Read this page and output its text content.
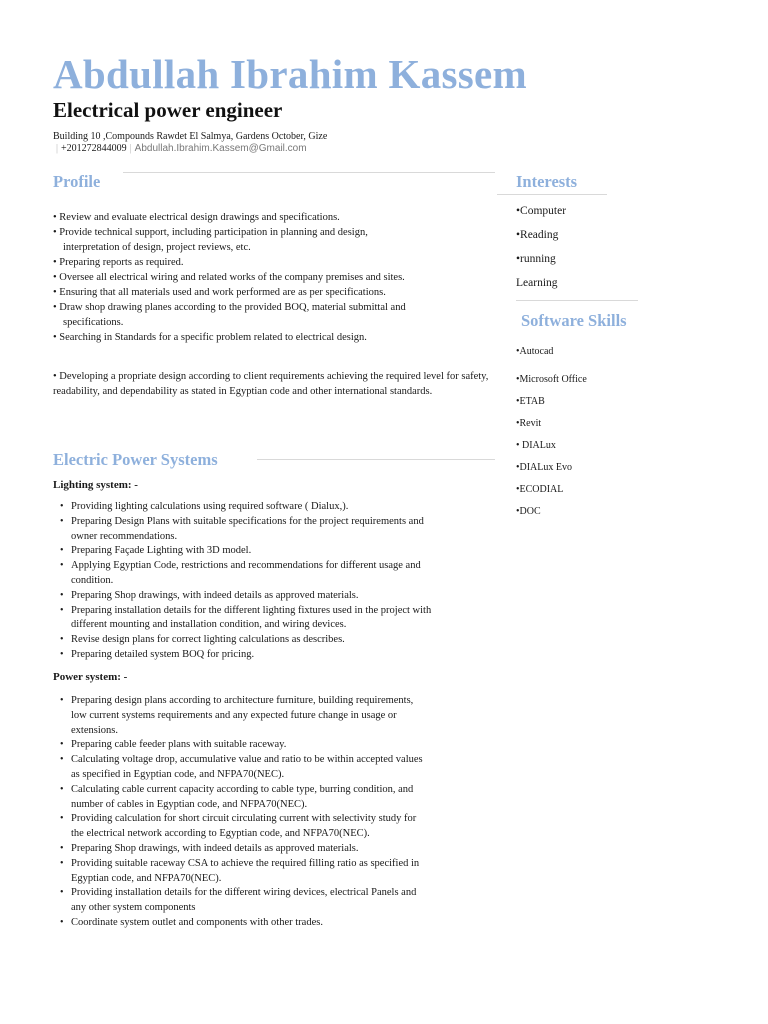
Abdullah Ibrahim Kassem
Electrical power engineer
Building 10 ,Compounds Rawdet El Salmya, Gardens October, Gize
| +201272844009 | Abdullah.Ibrahim.Kassem@Gmail.com
Profile
• Review and evaluate electrical design drawings and specifications.
• Provide technical support, including participation in planning and design,
interpretation of design, project reviews, etc.
• Preparing reports as required.
• Oversee all electrical wiring and related works of the company premises and sites.
• Ensuring that all materials used and work performed are as per specifications.
• Draw shop drawing planes according to the provided BOQ, material submittal and
specifications.
• Searching in Standards for a specific problem related to electrical design.

• Developing a propriate design according to client requirements achieving the required level for safety, readability, and dependability as stated in Egyptian code and other international standards.

Electric Power Systems
Lighting system: -
• Providing lighting calculations using required software ( Dialux,).
• Preparing Design Plans with suitable specifications for the project requirements and
owner recommendations.
• Preparing Façade Lighting with 3D model.
• Applying Egyptian Code, restrictions and recommendations for different usage and
condition.
• Preparing Shop drawings, with indeed details as approved materials.
• Preparing installation details for the different lighting fixtures used in the project with
different mounting and installation condition, and wiring devices.
• Revise design plans for correct lighting calculations as describes.
• Preparing detailed system BOQ for pricing.
Power system: -
• Preparing design plans according to architecture furniture, building requirements,
low current systems requirements and any expected future change in usage or
extensions.
• Preparing cable feeder plans with suitable raceway.
• Calculating voltage drop, accumulative value and ratio to be within accepted values
as specified in Egyptian code, and NFPA70(NEC).
• Calculating cable current capacity according to cable type, burring condition, and
number of cables in Egyptian code, and NFPA70(NEC).
• Providing calculation for short circuit circulating current with selectivity study for
the electrical network according to Egyptian code, and NFPA70(NEC).
• Preparing Shop drawings, with indeed details as approved materials.
• Providing suitable raceway CSA to achieve the required filling ratio as specified in
Egyptian code, and NFPA70(NEC).
• Providing installation details for the different wiring devices, electrical Panels and
any other system components
• Coordinate system outlet and components with other trades.
Interests
•Computer
•Reading
•running
Learning
Software Skills
•Autocad
•Microsoft Office
•ETAB
•Revit
• DIALux
•DIALux Evo
•ECODIAL
•DOC
